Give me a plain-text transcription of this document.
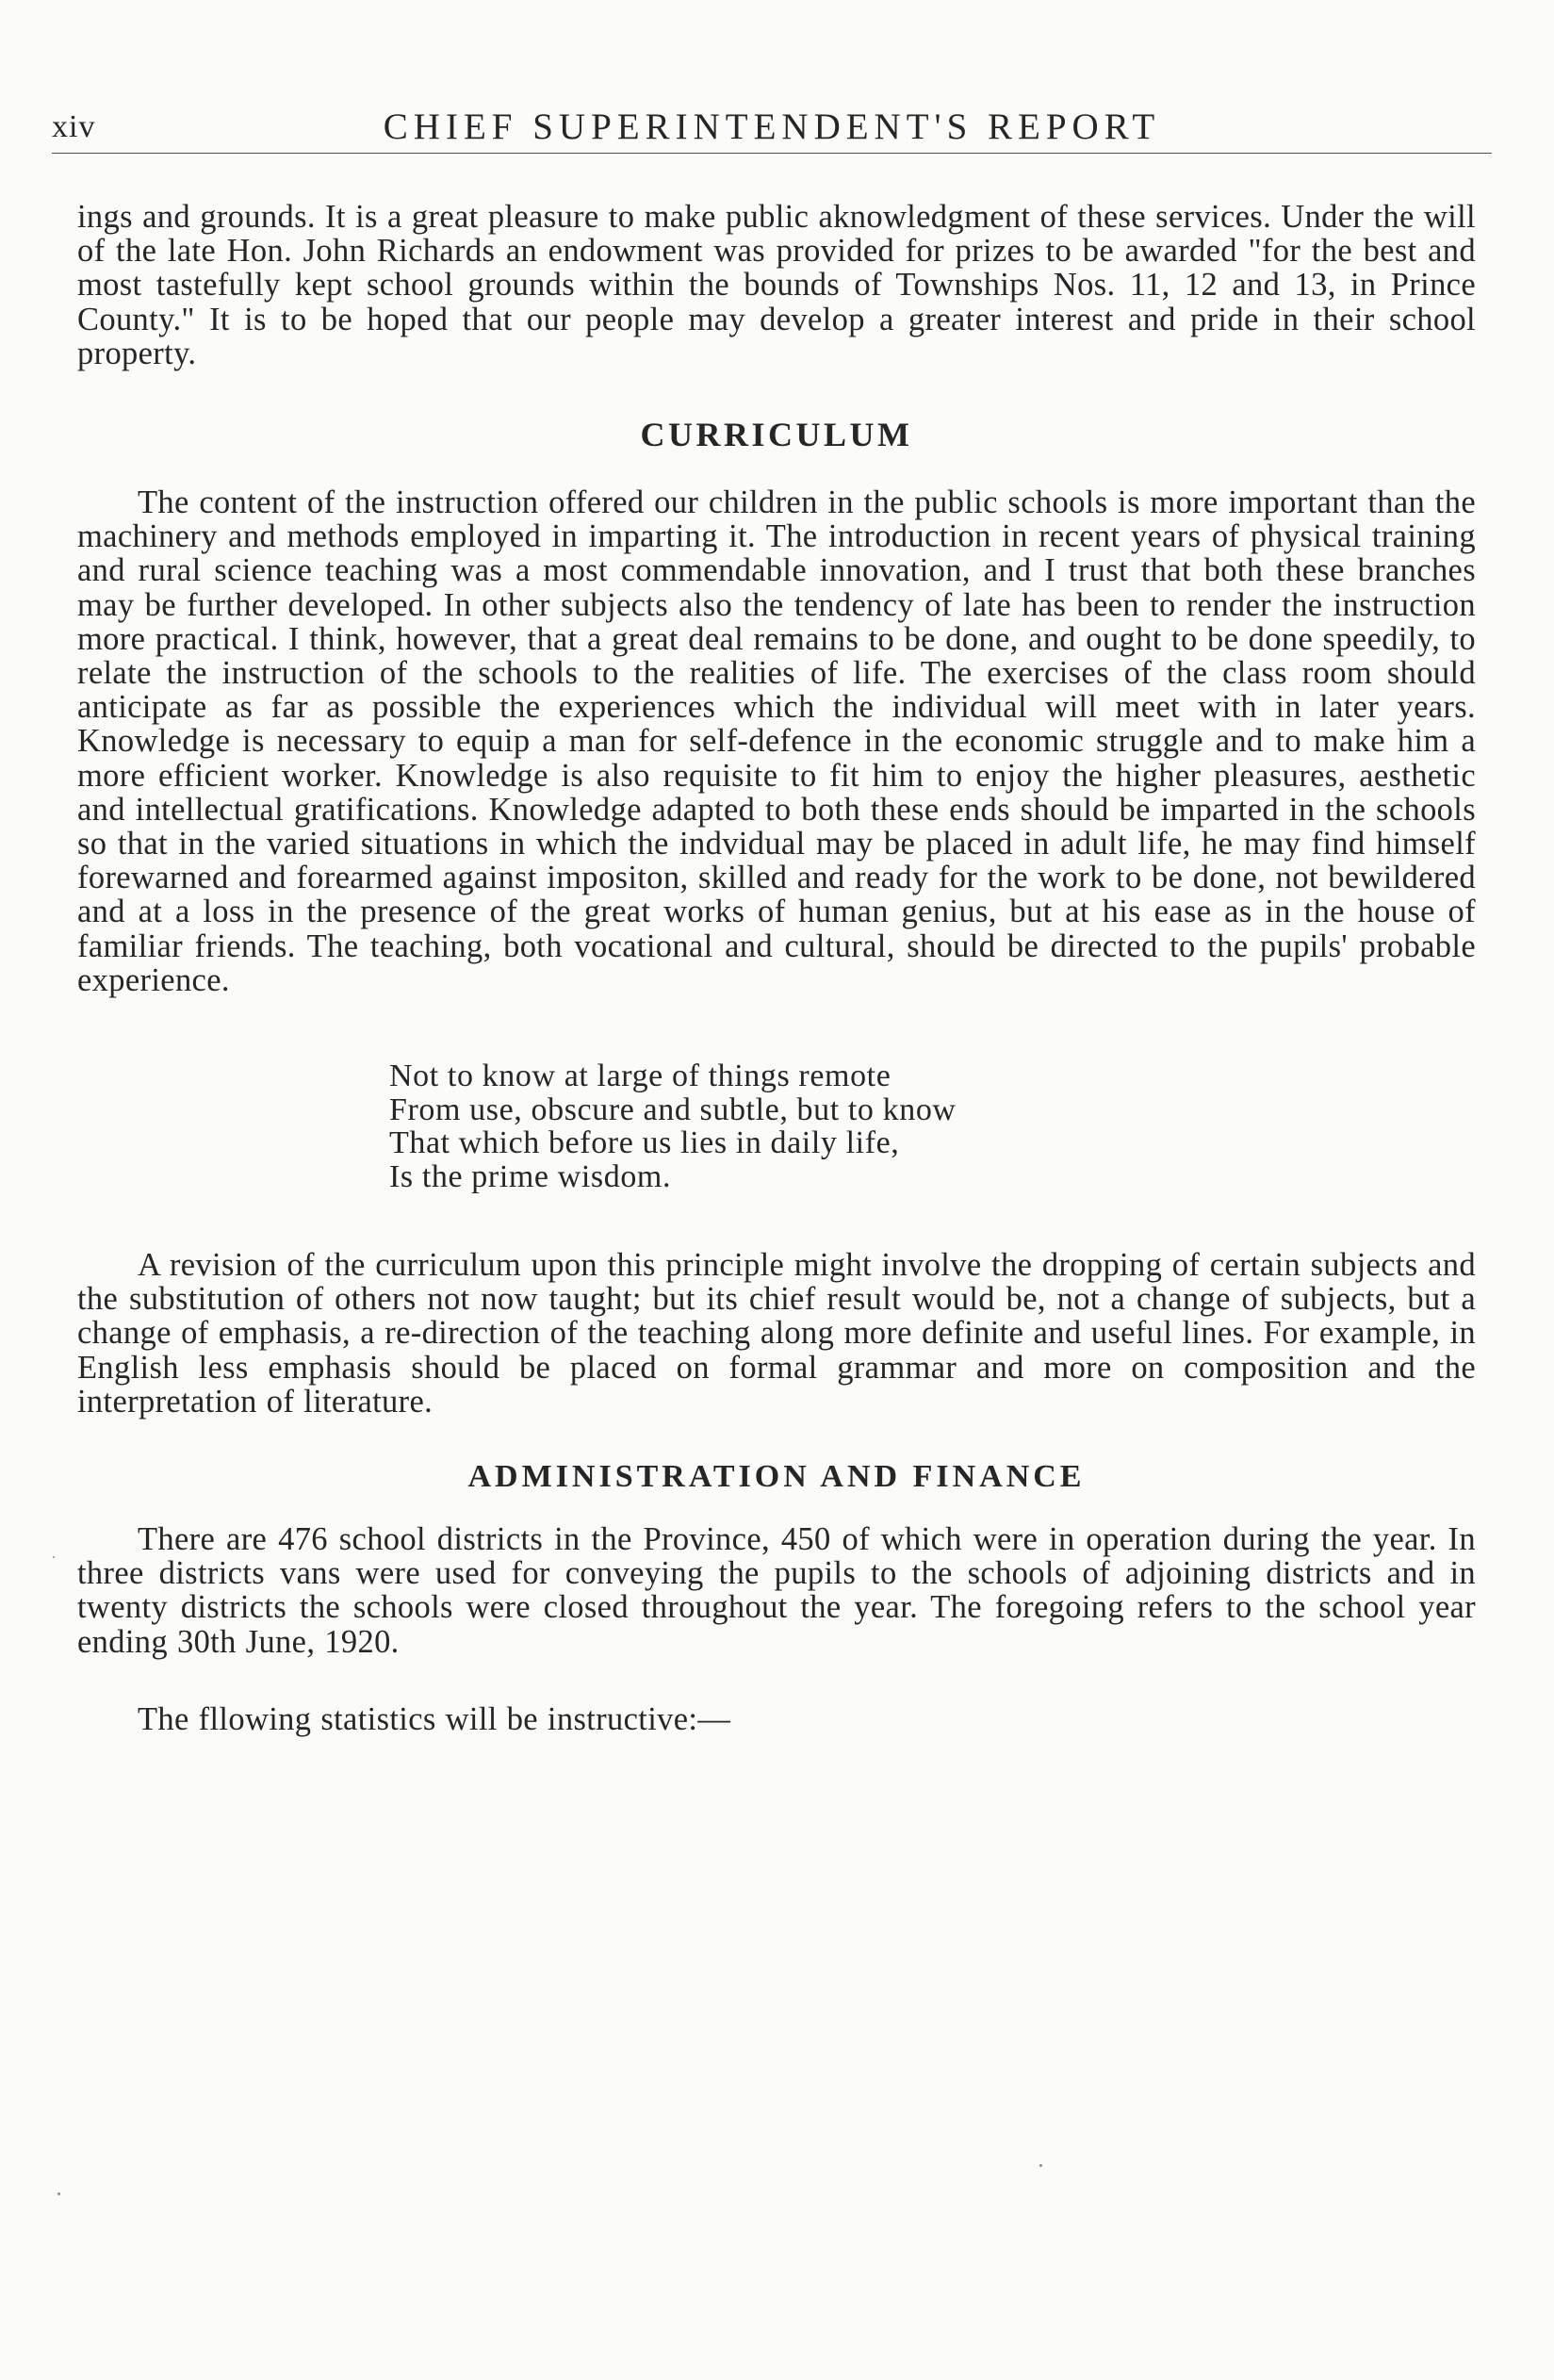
xiv	CHIEF SUPERINTENDENT'S REPORT

ings and grounds. It is a great pleasure to make public aknowledgment of these services. Under the will of the late Hon. John Richards an endowment was provided for prizes to be awarded "for the best and most tastefully kept school grounds within the bounds of Townships Nos. 11, 12 and 13, in Prince County." It is to be hoped that our people may develop a greater interest and pride in their school property.

CURRICULUM

The content of the instruction offered our children in the public schools is more important than the machinery and methods employed in imparting it. The introduction in recent years of physical training and rural science teaching was a most commendable innovation, and I trust that both these branches may be further developed. In other subjects also the tendency of late has been to render the instruction more practical. I think, however, that a great deal remains to be done, and ought to be done speedily, to relate the instruction of the schools to the realities of life. The exercises of the class room should anticipate as far as possible the experiences which the individual will meet with in later years. Knowledge is necessary to equip a man for self-defence in the economic struggle and to make him a more efficient worker. Knowledge is also requisite to fit him to enjoy the higher pleasures, aesthetic and intellectual gratifications. Knowledge adapted to both these ends should be imparted in the schools so that in the varied situations in which the indvidual may be placed in adult life, he may find himself forewarned and forearmed against impositon, skilled and ready for the work to be done, not bewildered and at a loss in the presence of the great works of human genius, but at his ease as in the house of familiar friends. The teaching, both vocational and cultural, should be directed to the pupils' probable experience.

Not to know at large of things remote
From use, obscure and subtle, but to know
That which before us lies in daily life,
Is the prime wisdom.

A revision of the curriculum upon this principle might involve the dropping of certain subjects and the substitution of others not now taught; but its chief result would be, not a change of subjects, but a change of emphasis, a re-direction of the teaching along more definite and useful lines. For example, in English less emphasis should be placed on formal grammar and more on composition and the interpretation of literature.

ADMINISTRATION AND FINANCE

There are 476 school districts in the Province, 450 of which were in operation during the year. In three districts vans were used for conveying the pupils to the schools of adjoining districts and in twenty districts the schools were closed throughout the year. The foregoing refers to the school year ending 30th June, 1920.

The fllowing statistics will be instructive:—
